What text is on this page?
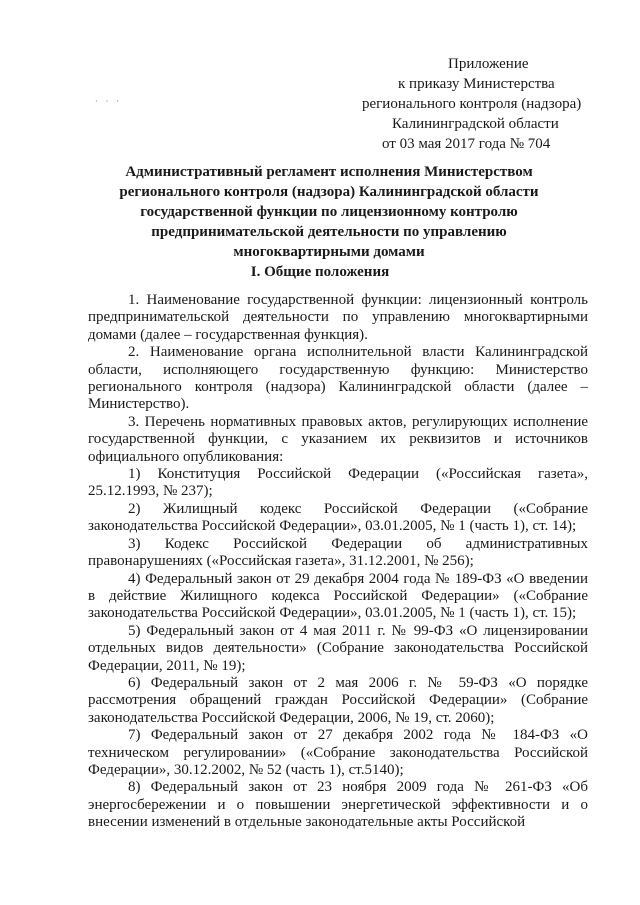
· · ·
Приложение
к приказу Министерства
регионального контроля (надзора)
Калининградской области
от 03 мая 2017 года № 704
Административный регламент исполнения Министерством регионального контроля (надзора) Калининградской области государственной функции по лицензионному контролю предпринимательской деятельности по управлению многоквартирными домами
I. Общие положения

1. Наименование государственной функции: лицензионный контроль предпринимательской деятельности по управлению многоквартирными домами (далее – государственная функция).

2. Наименование органа исполнительной власти Калининградской области, исполняющего государственную функцию: Министерство регионального контроля (надзора) Калининградской области (далее – Министерство).

3. Перечень нормативных правовых актов, регулирующих исполнение государственной функции, с указанием их реквизитов и источников официального опубликования:

1) Конституция Российской Федерации («Российская газета», 25.12.1993, № 237);

2) Жилищный кодекс Российской Федерации («Собрание законодательства Российской Федерации», 03.01.2005, № 1 (часть 1), ст. 14);

3) Кодекс Российской Федерации об административных правонарушениях («Российская газета», 31.12.2001, № 256);

4) Федеральный закон от 29 декабря 2004 года № 189-ФЗ «О введении в действие Жилищного кодекса Российской Федерации» («Собрание законодательства Российской Федерации», 03.01.2005, № 1 (часть 1), ст. 15);

5) Федеральный закон от 4 мая 2011 г. № 99-ФЗ «О лицензировании отдельных видов деятельности» (Собрание законодательства Российской Федерации, 2011, № 19);

6) Федеральный закон от 2 мая 2006 г. № 59-ФЗ «О порядке рассмотрения обращений граждан Российской Федерации» (Собрание законодательства Российской Федерации, 2006, № 19, ст. 2060);

7) Федеральный закон от 27 декабря 2002 года № 184-ФЗ «О техническом регулировании» («Собрание законодательства Российской Федерации», 30.12.2002, № 52 (часть 1), ст.5140);

8) Федеральный закон от 23 ноября 2009 года № 261-ФЗ «Об энергосбережении и о повышении энергетической эффективности и о внесении изменений в отдельные законодательные акты Российской
